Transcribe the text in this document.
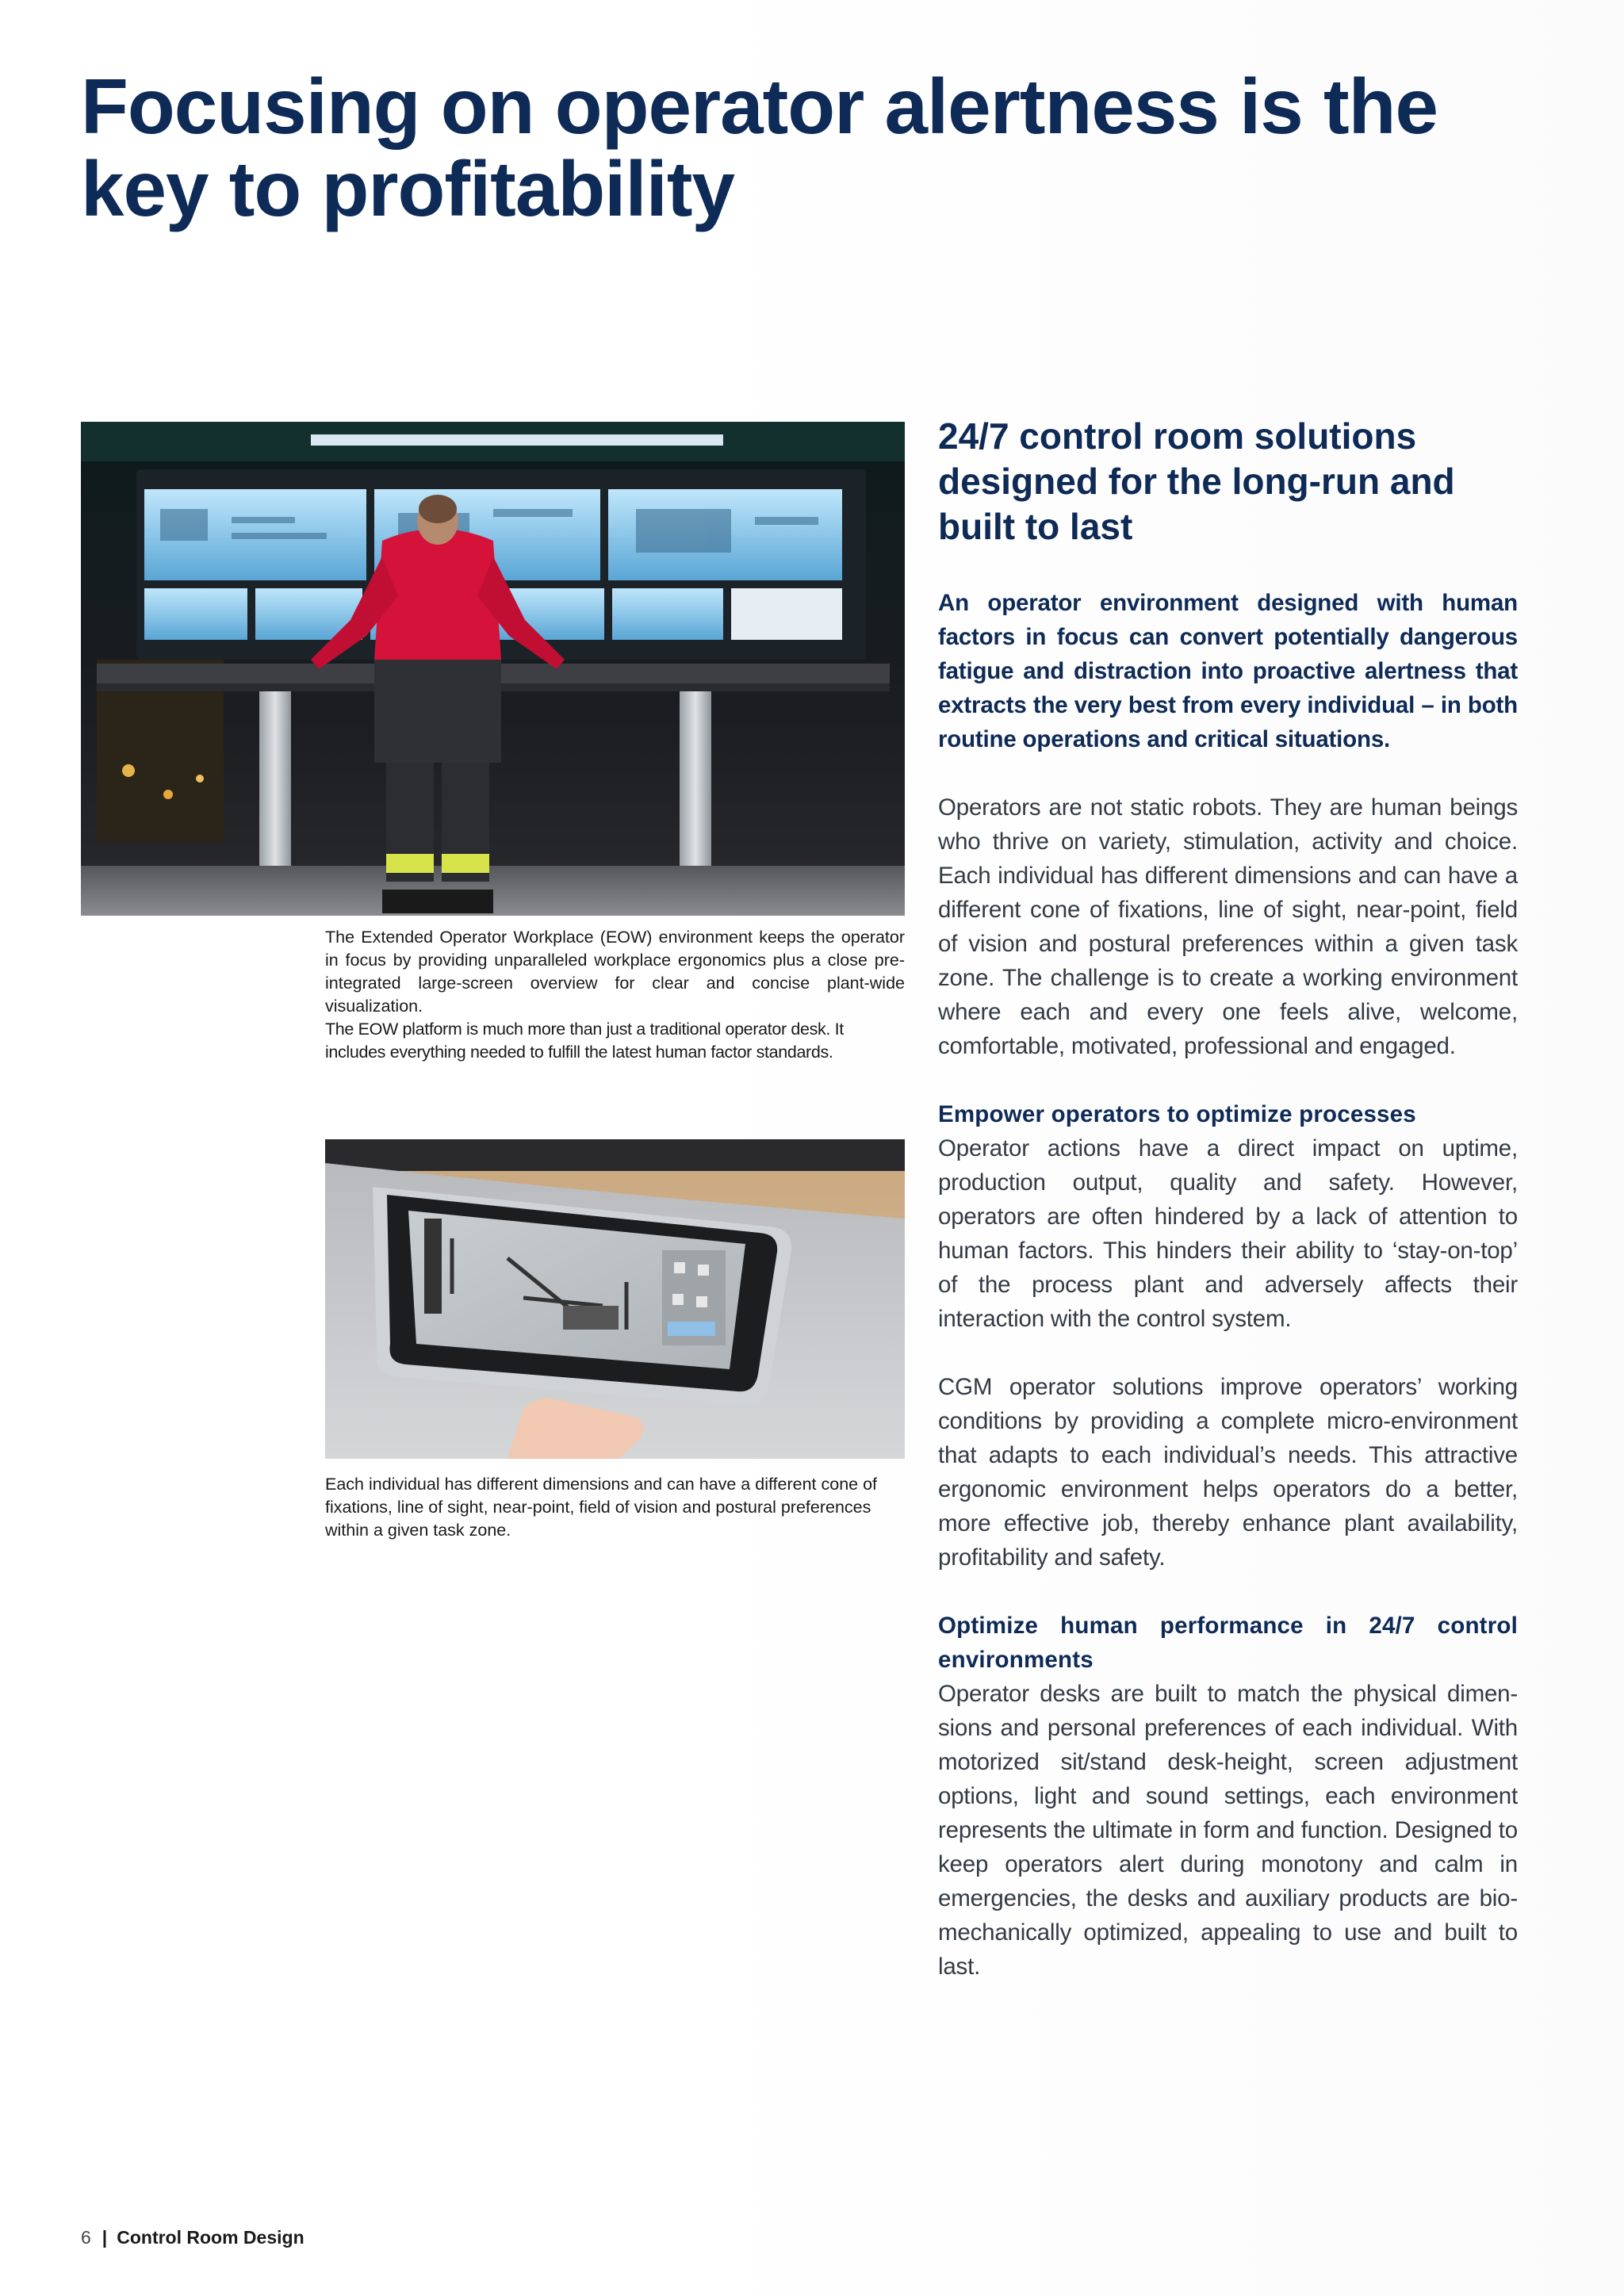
Focusing on operator alertness is the key to profitability

The Extended Operator Workplace (EOW) environment keeps the operator in focus by providing unparalleled workplace ergonomics plus a close pre-integrated large-screen overview for clear and concise plant-wide visualization.

The EOW platform is much more than just a traditional operator desk. It includes everything needed to fulfill the latest human factor standards.

Each individual has different dimensions and can have a different cone of fixations, line of sight, near-point, field of vision and postural preferences within a given task zone.

24/7 control room solutions designed for the long-run and built to last

An operator environment designed with human factors in focus can convert potentially dangerous fatigue and distraction into proactive alertness that extracts the very best from every individual – in both routine operations and critical situations.

Operators are not static robots. They are human beings who thrive on variety, stimulation, activity and choice. Each individual has different dimensions and can have a different cone of fixations, line of sight, near-point, field of vision and postural preferences within a given task zone. The challenge is to create a working environment where each and every one feels alive, welcome, comfortable, motivated, professional and engaged.

Empower operators to optimize processes

Operator actions have a direct impact on uptime, production output, quality and safety. However, operators are often hindered by a lack of attention to human factors. This hinders their ability to ‘stay-on-top’ of the process plant and adversely affects their interaction with the control system.

CGM operator solutions improve operators’ working conditions by providing a complete micro-environment that adapts to each individual’s needs. This attractive ergonomic environment helps operators do a better, more effective job, thereby enhance plant availability, profitability and safety.

Optimize human performance in 24/7 control environments

Operator desks are built to match the physical dimen-sions and personal preferences of each individual. With motorized sit/stand desk-height, screen adjustment options, light and sound settings, each environment represents the ultimate in form and function. Designed to keep operators alert during monotony and calm in emergencies, the desks and auxiliary products are bio-mechanically optimized, appealing to use and built to last.

6 | Control Room Design
